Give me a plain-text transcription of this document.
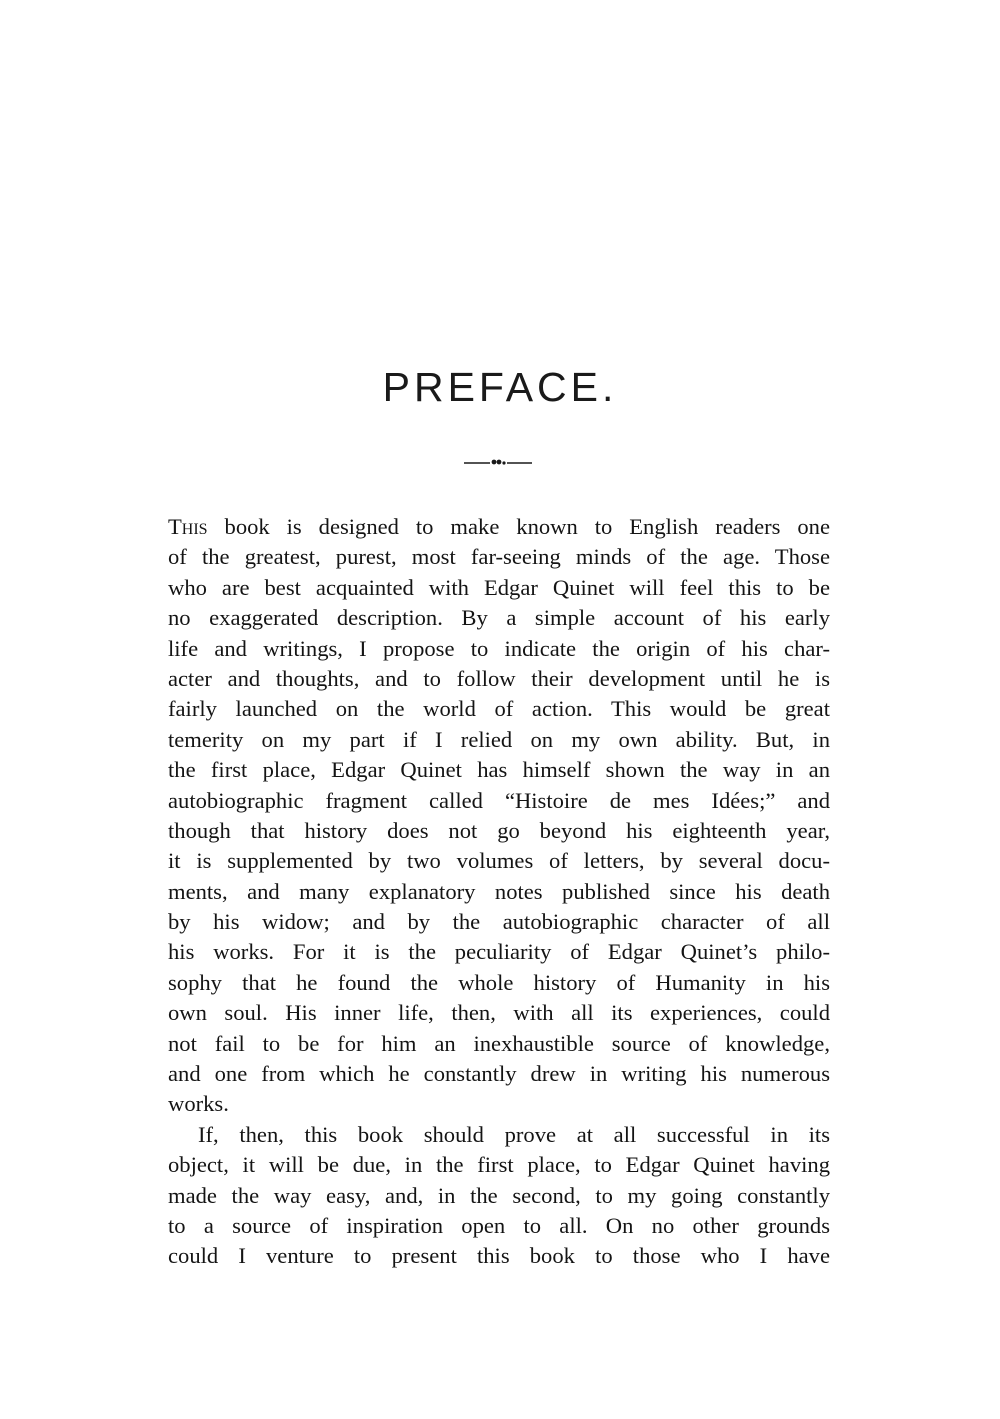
PREFACE.
This book is designed to make known to English readers one
of the greatest, purest, most far-seeing minds of the age. Those
who are best acquainted with Edgar Quinet will feel this to be
no exaggerated description. By a simple account of his early
life and writings, I propose to indicate the origin of his char-
acter and thoughts, and to follow their development until he is
fairly launched on the world of action. This would be great
temerity on my part if I relied on my own ability. But, in
the first place, Edgar Quinet has himself shown the way in an
autobiographic fragment called “Histoire de mes Idées;” and
though that history does not go beyond his eighteenth year,
it is supplemented by two volumes of letters, by several docu-
ments, and many explanatory notes published since his death
by his widow; and by the autobiographic character of all
his works. For it is the peculiarity of Edgar Quinet’s philo-
sophy that he found the whole history of Humanity in his
own soul. His inner life, then, with all its experiences, could
not fail to be for him an inexhaustible source of knowledge,
and one from which he constantly drew in writing his numerous
works.
If, then, this book should prove at all successful in its
object, it will be due, in the first place, to Edgar Quinet having
made the way easy, and, in the second, to my going constantly
to a source of inspiration open to all. On no other grounds
could I venture to present this book to those who I have
